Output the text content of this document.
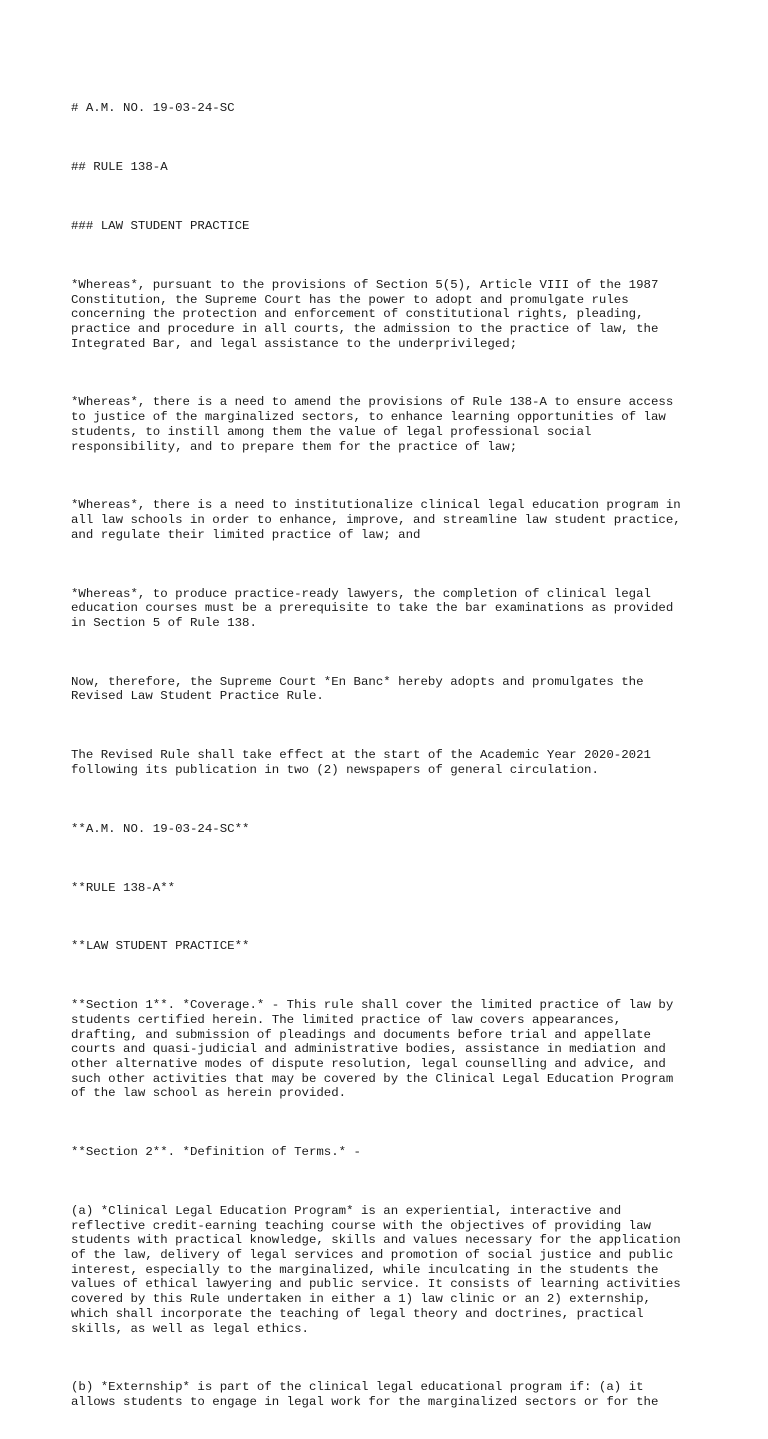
# A.M. NO. 19-03-24-SC

## RULE 138-A

### LAW STUDENT PRACTICE

*Whereas*, pursuant to the provisions of Section 5(5), Article VIII of the 1987
Constitution, the Supreme Court has the power to adopt and promulgate rules
concerning the protection and enforcement of constitutional rights, pleading,
practice and procedure in all courts, the admission to the practice of law, the
Integrated Bar, and legal assistance to the underprivileged;

*Whereas*, there is a need to amend the provisions of Rule 138-A to ensure access
to justice of the marginalized sectors, to enhance learning opportunities of law
students, to instill among them the value of legal professional social
responsibility, and to prepare them for the practice of law;

*Whereas*, there is a need to institutionalize clinical legal education program in
all law schools in order to enhance, improve, and streamline law student practice,
and regulate their limited practice of law; and

*Whereas*, to produce practice-ready lawyers, the completion of clinical legal
education courses must be a prerequisite to take the bar examinations as provided
in Section 5 of Rule 138.

Now, therefore, the Supreme Court *En Banc* hereby adopts and promulgates the
Revised Law Student Practice Rule.

The Revised Rule shall take effect at the start of the Academic Year 2020-2021
following its publication in two (2) newspapers of general circulation.

**A.M. NO. 19-03-24-SC**

**RULE 138-A**

**LAW STUDENT PRACTICE**

**Section 1**. *Coverage.* - This rule shall cover the limited practice of law by
students certified herein. The limited practice of law covers appearances,
drafting, and submission of pleadings and documents before trial and appellate
courts and quasi-judicial and administrative bodies, assistance in mediation and
other alternative modes of dispute resolution, legal counselling and advice, and
such other activities that may be covered by the Clinical Legal Education Program
of the law school as herein provided.

**Section 2**. *Definition of Terms.* -

(a) *Clinical Legal Education Program* is an experiential, interactive and
reflective credit-earning teaching course with the objectives of providing law
students with practical knowledge, skills and values necessary for the application
of the law, delivery of legal services and promotion of social justice and public
interest, especially to the marginalized, while inculcating in the students the
values of ethical lawyering and public service. It consists of learning activities
covered by this Rule undertaken in either a 1) law clinic or an 2) externship,
which shall incorporate the teaching of legal theory and doctrines, practical
skills, as well as legal ethics.

(b) *Externship* is part of the clinical legal educational program if: (a) it
allows students to engage in legal work for the marginalized sectors or for the
